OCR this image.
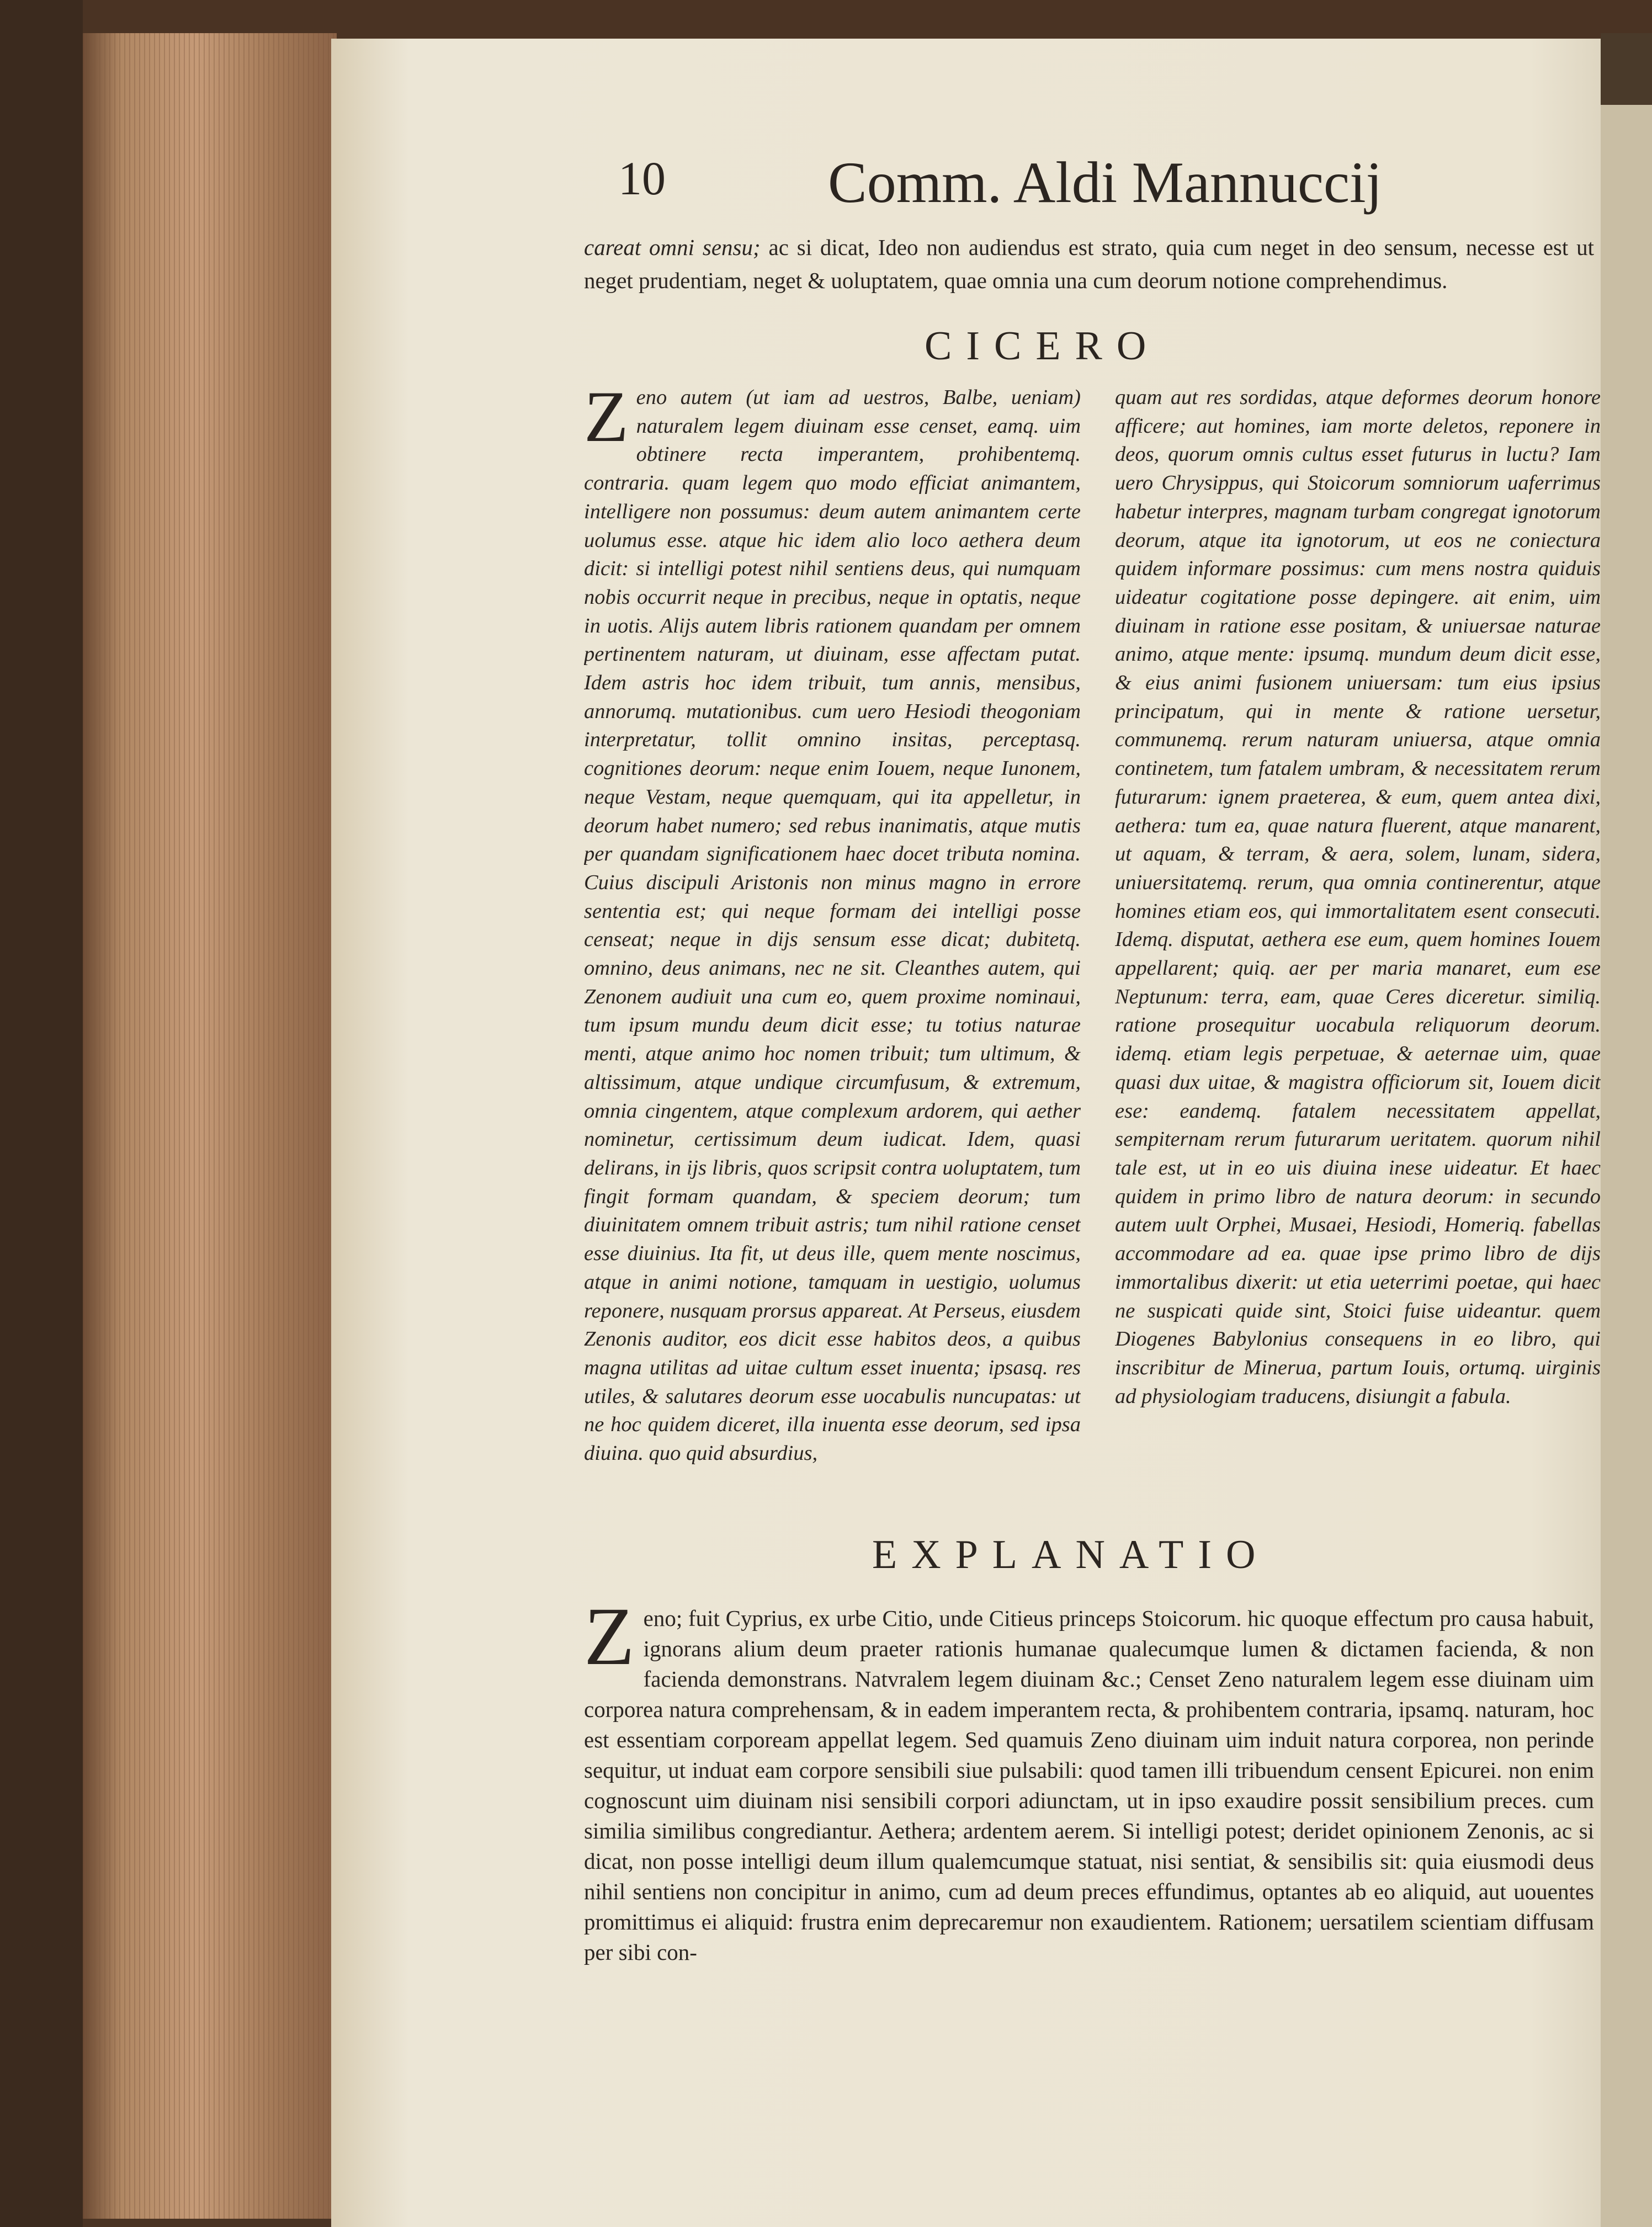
10	Comm. Aldi Mannuccij
careat omni sensu; ac si dicat, Ideo non audiendus est strato, quia cum neget in deo sensum, necesse est ut neget prudentiam, neget & uoluptatem, quae omnia una cum deorum notione comprehendimus.
CICERO
Zeno autem (ut iam ad uestros, Balbe, ueniam) naturalem legem diuinam esse censet, eamq. uim obtinere recta imperantem, prohibentemq. contraria. quam legem quo modo efficiat animantem, intelligere non possumus: deum autem animantem certe uolumus esse. atque hic idem alio loco aethera deum dicit: si intelligi potest nihil sentiens deus, qui numquam nobis occurrit neque in precibus, neque in optatis, neque in uotis. Alijs autem libris rationem quandam per omnem pertinentem naturam, ut diuinam, esse affectam putat. Idem astris hoc idem tribuit, tum annis, mensibus, annorumq. mutationibus. cum uero Hesiodi theogoniam interpretatur, tollit omnino insitas, perceptasq. cognitiones deorum: neque enim Iouem, neque Iunonem, neque Vestam, neque quemquam, qui ita appelletur, in deorum habet numero; sed rebus inanimatis, atque mutis per quandam significationem haec docet tributa nomina. Cuius discipuli Aristonis non minus magno in errore sententia est; qui neque formam dei intelligi posse censeat; neque in dijs sensum esse dicat; dubitetq. omnino, deus animans, nec ne sit. Cleanthes autem, qui Zenonem audiuit una cum eo, quem proxime nominaui, tum ipsum mundu deum dicit esse; tu totius naturae menti, atque animo hoc nomen tribuit; tum ultimum, & altissimum, atque undique circumfusum, & extremum, omnia cingentem, atque complexum ardorem, qui aether nominetur, certissimum deum iudicat. Idem, quasi delirans, in ijs libris, quos scripsit contra uoluptatem, tum fingit formam quandam, & speciem deorum; tum diuinitatem omnem tribuit astris; tum nihil ratione censet esse diuinius. Ita fit, ut deus ille, quem mente noscimus, atque in animi notione, tamquam in uestigio, uolumus reponere, nusquam prorsus appareat. At Perseus, eiusdem Zenonis auditor, eos dicit esse habitos deos, a quibus magna utilitas ad uitae cultum esset inuenta; ipsasq. res utiles, & salutares deorum esse uocabulis nuncupatas: ut ne hoc quidem diceret, illa inuenta esse deorum, sed ipsa diuina. quo quid absurdius,
quam aut res sordidas, atque deformes deorum honore afficere; aut homines, iam morte deletos, reponere in deos, quorum omnis cultus esset futurus in luctu? Iam uero Chrysippus, qui Stoicorum somniorum uaferrimus habetur interpres, magnam turbam congregat ignotorum deorum, atque ita ignotorum, ut eos ne coniectura quidem informare possimus: cum mens nostra quiduis uideatur cogitatione posse depingere. ait enim, uim diuinam in ratione esse positam, & uniuersae naturae animo, atque mente: ipsumq. mundum deum dicit esse, & eius animi fusionem uniuersam: tum eius ipsius principatum, qui in mente & ratione uersetur, communemq. rerum naturam uniuersa, atque omnia continetem, tum fatalem umbram, & necessitatem rerum futurarum: ignem praeterea, & eum, quem antea dixi, aethera: tum ea, quae natura fluerent, atque manarent, ut aquam, & terram, & aera, solem, lunam, sidera, uniuersitatemq. rerum, qua omnia continerentur, atque homines etiam eos, qui immortalitatem esent consecuti. Idemq. disputat, aethera ese eum, quem homines Iouem appellarent; quiq. aer per maria manaret, eum ese Neptunum: terra, eam, quae Ceres diceretur. similiq. ratione prosequitur uocabula reliquorum deorum. idemq. etiam legis perpetuae, & aeternae uim, quae quasi dux uitae, & magistra officiorum sit, Iouem dicit ese: eandemq. fatalem necessitatem appellat, sempiternam rerum futurarum ueritatem. quorum nihil tale est, ut in eo uis diuina inese uideatur. Et haec quidem in primo libro de natura deorum: in secundo autem uult Orphei, Musaei, Hesiodi, Homeriq. fabellas accommodare ad ea. quae ipse primo libro de dijs immortalibus dixerit: ut etia ueterrimi poetae, qui haec ne suspicati quide sint, Stoici fuise uideantur. quem Diogenes Babylonius consequens in eo libro, qui inscribitur de Mineruа, partum Iouis, ortumq. uirginis ad physiologiam traducens, disiungit a fabula.
EXPLANATIO
Zeno; fuit Cyprius, ex urbe Citio, unde Citieus princeps Stoicorum. hic quoque effectum pro causa habuit, ignorans alium deum praeter rationis humanae qualecumque lumen & dictamen facienda, & non facienda demonstrans. Natvralem legem diuinam &c.; Censet Zeno naturalem legem esse diuinam uim corporea natura comprehensam, & in eadem imperantem recta, & prohibentem contraria, ipsamq. naturam, hoc est essentiam corpoream appellat legem. Sed quamuis Zeno diuinam uim induit natura corporea, non perinde sequitur, ut induat eam corpore sensibili siue pulsabili: quod tamen illi tribuendum censent Epicurei. non enim cognoscunt uim diuinam nisi sensibili corpori adiunctam, ut in ipso exaudire possit sensibilium preces. cum similia similibus congrediantur. Aethera; ardentem aerem. Si intelligi potest; deridet opinionem Zenonis, ac si dicat, non posse intelligi deum illum qualemcumque statuat, nisi sentiat, & sensibilis sit: quia eiusmodi deus nihil sentiens non concipitur in animo, cum ad deum preces effundimus, optantes ab eo aliquid, aut uouentes promittimus ei aliquid: frustra enim deprecaremur non exaudientem. Rationem; uersatilem scientiam diffusam per sibi con-
